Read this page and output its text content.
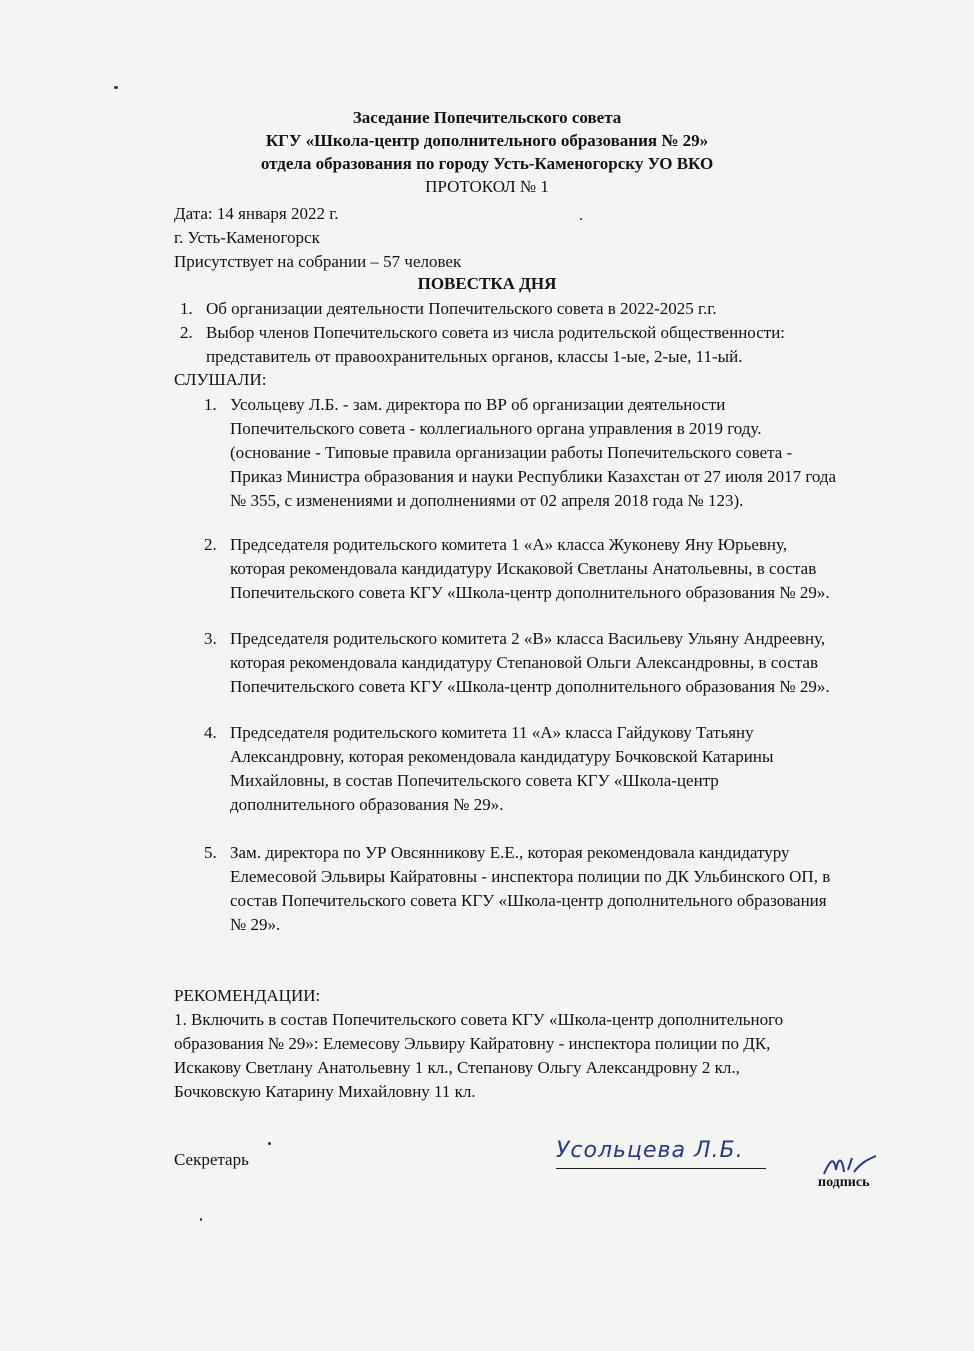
Заседание Попечительского совета
КГУ «Школа-центр дополнительного образования № 29»
отдела образования по городу Усть-Каменогорску УО ВКО
ПРОТОКОЛ № 1
Дата: 14 января 2022 г.
г. Усть-Каменогорск
Присутствует на собрании – 57 человек
ПОВЕСТКА ДНЯ
1. Об организации деятельности Попечительского совета в 2022-2025 г.г.
2. Выбор членов Попечительского совета из числа родительской общественности:
представитель от правоохранительных органов, классы 1-ые, 2-ые, 11-ый.
СЛУШАЛИ:
1. Усольцеву Л.Б. - зам. директора по ВР об организации деятельности
Попечительского совета - коллегиального органа управления в 2019 году.
(основание - Типовые правила организации работы Попечительского совета -
Приказ Министра образования и науки Республики Казахстан от 27 июля 2017 года
№ 355, с изменениями и дополнениями от 02 апреля 2018 года № 123).
2. Председателя родительского комитета 1 «А» класса Жуконеву Яну Юрьевну,
которая рекомендовала кандидатуру Искаковой Светланы Анатольевны, в состав
Попечительского совета КГУ «Школа-центр дополнительного образования № 29».
3. Председателя родительского комитета 2 «В» класса Васильеву Ульяну Андреевну,
которая рекомендовала кандидатуру Степановой Ольги Александровны, в состав
Попечительского совета КГУ «Школа-центр дополнительного образования № 29».
4. Председателя родительского комитета 11 «А» класса Гайдукову Татьяну
Александровну, которая рекомендовала кандидатуру Бочковской Катарины
Михайловны, в состав Попечительского совета КГУ «Школа-центр
дополнительного образования № 29».
5. Зам. директора по УР Овсянникову Е.Е., которая рекомендовала кандидатуру
Елемесовой Эльвиры Кайратовны - инспектора полиции по ДК Ульбинского ОП, в
состав Попечительского совета КГУ «Школа-центр дополнительного образования
№ 29».
РЕКОМЕНДАЦИИ:
1. Включить в состав Попечительского совета КГУ «Школа-центр дополнительного
образования № 29»: Елемесову Эльвиру Кайратовну - инспектора полиции по ДК,
Искакову Светлану Анатольевну 1 кл., Степанову Ольгу Александровну 2 кл.,
Бочковскую Катарину Михайловну 11 кл.
Секретарь	Усольцева Л.Б.
подпись
